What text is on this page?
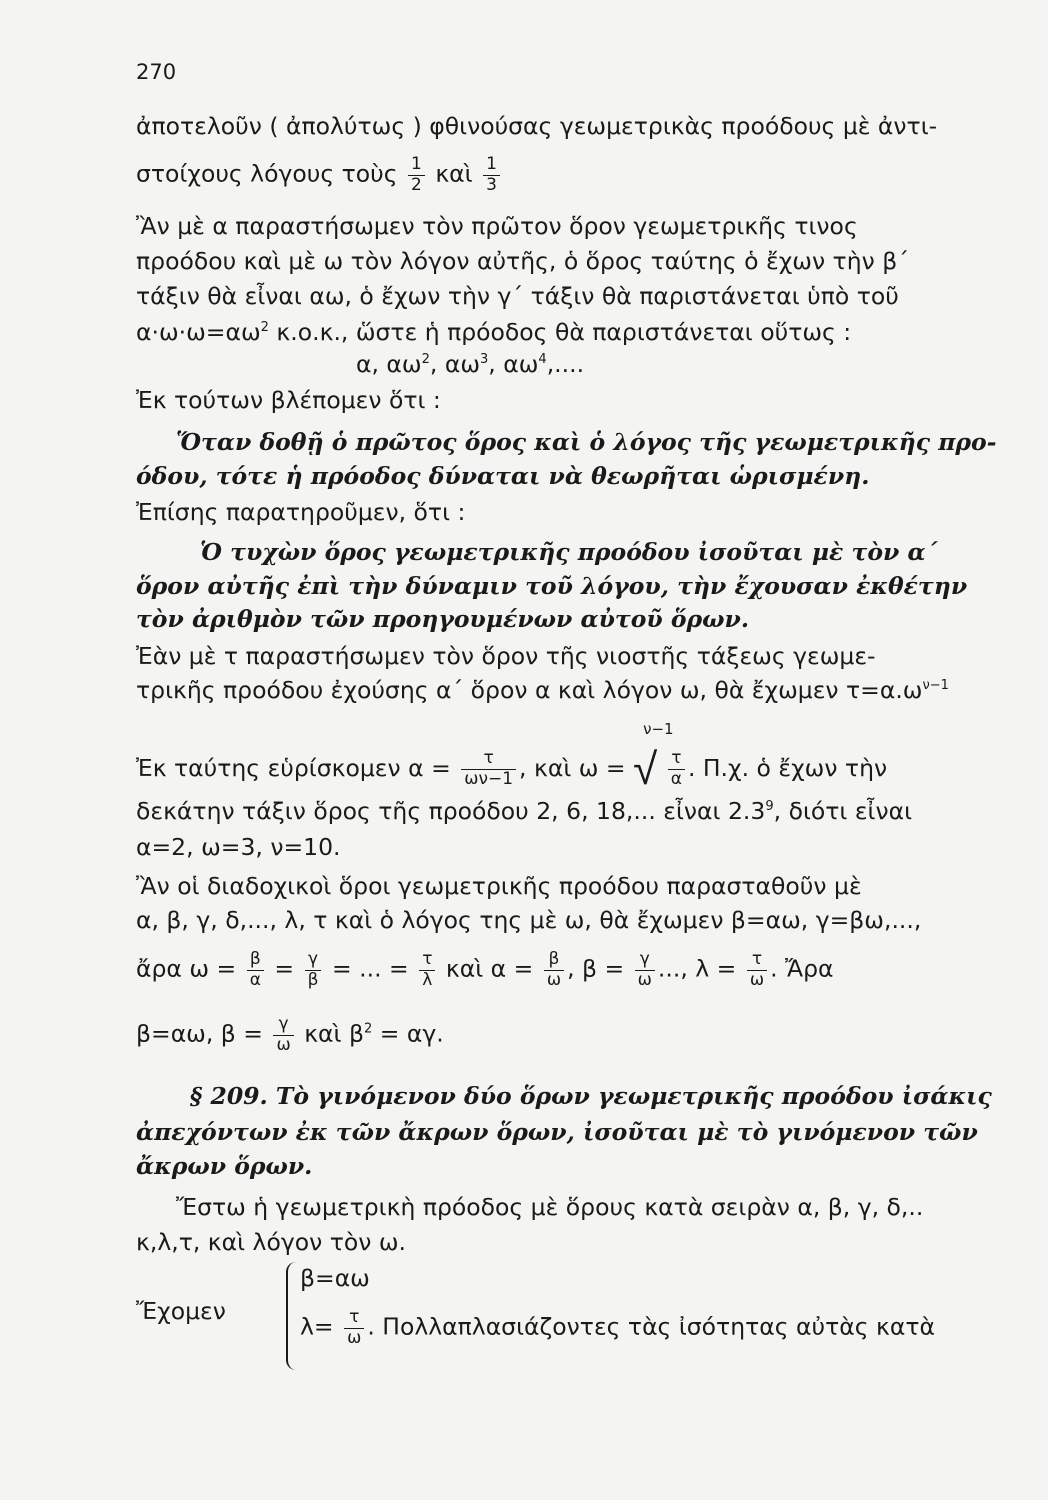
270
ἀποτελοῦν ( ἀπολύτως ) φθινούσας γεωμετρικὰς προόδους μὲ ἀντι-
στοίχους λόγους τοὺς $\frac{1}{2}$ καὶ $\frac{1}{3}$
Ἂν μὲ α παραστήσωμεν τὸν πρῶτον ὅρον γεωμετρικῆς τινος
προόδου καὶ μὲ ω τὸν λόγον αὐτῆς, ὁ ὅρος ταύτης ὁ ἔχων τὴν β΄
τάξιν θὰ εἶναι αω, ὁ ἔχων τὴν γ΄ τάξιν θὰ παριστάνεται ὑπὸ τοῦ
$\alpha\cdot\omega\cdot\omega=\alpha\omega^2$ κ.ο.κ., ὥστε ἡ πρόοδος θὰ παριστάνεται οὕτως :
α, $\alpha\omega^2$, $\alpha\omega^3$, $\alpha\omega^4$,....
Ἐκ τούτων βλέπομεν ὅτι :
Ὅταν δοθῇ ὁ πρῶτος ὅρος καὶ ὁ λόγος τῆς γεωμετρικῆς προ-
όδου, τότε ἡ πρόοδος δύναται νὰ θεωρῆται ὡρισμένη.
Ἐπίσης παρατηροῦμεν, ὅτι :
Ὁ τυχὼν ὅρος γεωμετρικῆς προόδου ἰσοῦται μὲ τὸν α΄
ὅρον αὐτῆς ἐπὶ τὴν δύναμιν τοῦ λόγου, τὴν ἔχουσαν ἐκθέτην
τὸν ἀριθμὸν τῶν προηγουμένων αὐτοῦ ὅρων.
Ἐὰν μὲ τ παραστήσωμεν τὸν ὅρον τῆς νιοστῆς τάξεως γεωμε-
τρικῆς προόδου ἐχούσης α΄ ὅρον α καὶ λόγον ω, θὰ ἔχωμεν $\tau=\alpha.\omega^{\nu-1}$
Ἐκ ταύτης εὑρίσκομεν $\alpha = \frac{\tau}{\omega\nu-1}$ , καὶ ω =
ν−1
√ $\frac{\tau}{\alpha}$ . Π.χ. ὁ ἔχων τὴν
δεκάτην τάξιν ὅρος τῆς προόδου 2, 6, 18,... εἶναι $2.3^9$, διότι εἶναι
α=2, ω=3, ν=10.
Ἂν οἱ διαδοχικοὶ ὅροι γεωμετρικῆς προόδου παρασταθοῦν μὲ
α, β, γ, δ,..., λ, τ καὶ ὁ λόγος της μὲ ω, θὰ ἔχωμεν β=αω, γ=βω,...,
ἄρα $\omega = \frac{\beta}{\alpha} = \frac{\gamma}{\beta}$ = ... = $\frac{\tau}{\lambda}$ καὶ $\alpha = \frac{\beta}{\omega}$ , $\beta = \frac{\gamma}{\omega}$ ..., $\lambda = \frac{\tau}{\omega}$ . Ἄρα
β=αω, $\beta = \frac{\gamma}{\omega}$ καὶ $\beta^2 = \alpha\gamma$.
§ 209. Τὸ γινόμενον δύο ὅρων γεωμετρικῆς προόδου ἰσάκις
ἀπεχόντων ἐκ τῶν ἄκρων ὅρων, ἰσοῦται μὲ τὸ γινόμενον τῶν
ἄκρων ὅρων.
Ἔστω ἡ γεωμετρικὴ πρόοδος μὲ ὅρους κατὰ σειρὰν α, β, γ, δ,..
κ,λ,τ, καὶ λόγον τὸν ω.
β=αω
Ἔχομεν
$\lambda= \frac{\tau}{\omega}$ . Πολλαπλασιάζοντες τὰς ἰσότητας αὐτὰς κατὰ
